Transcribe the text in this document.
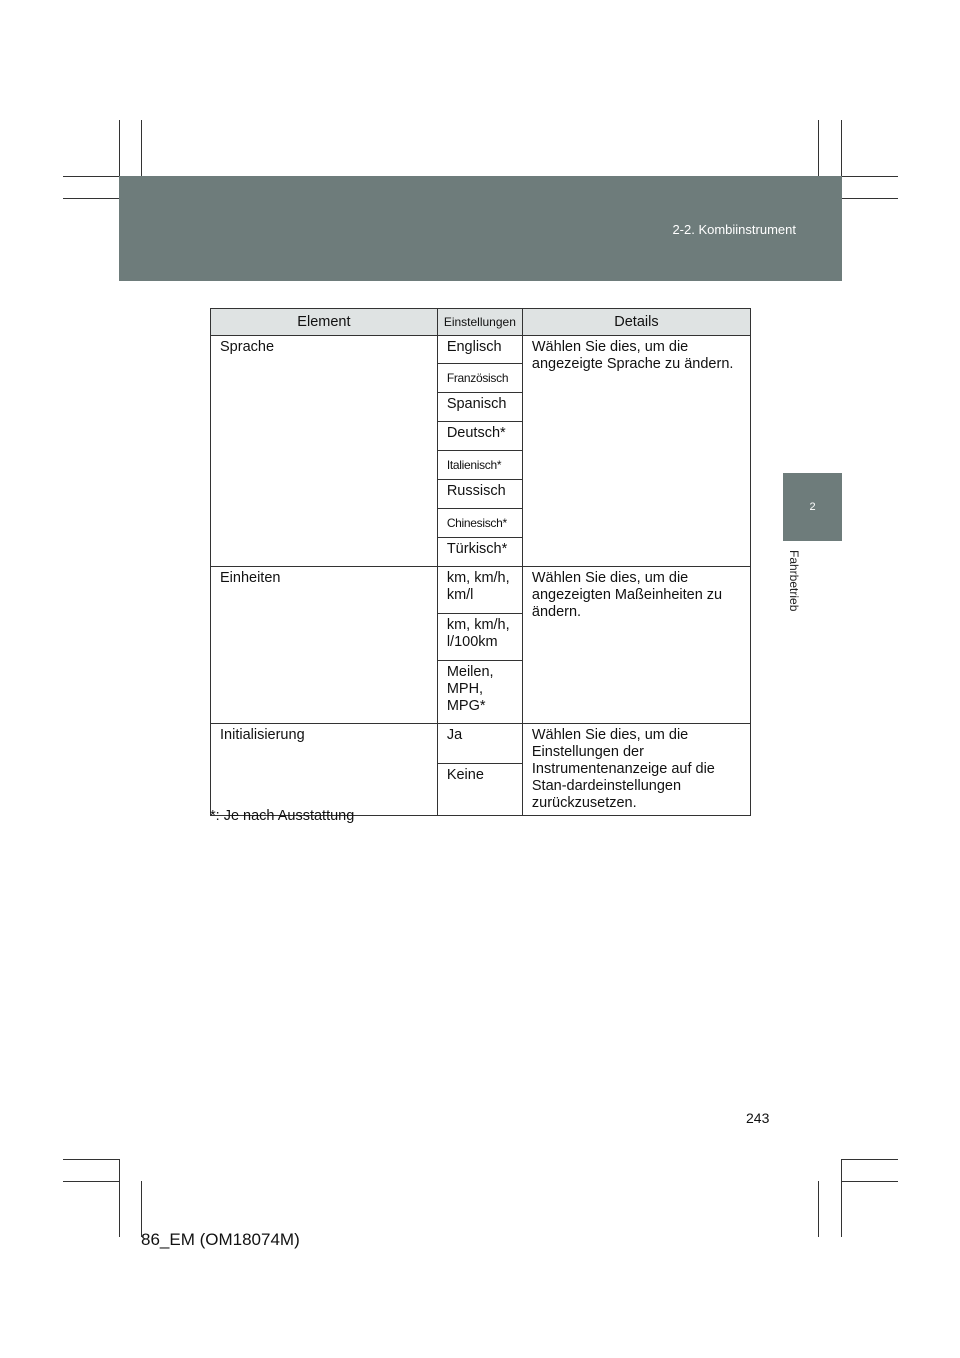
2-2. Kombiinstrument
2
Fahrbetrieb
Element	Einstellungen	Details
Sprache	Englisch	Wählen Sie dies, um die angezeigte Sprache zu ändern.
	Französisch	
	Spanisch	
	Deutsch*	
	Italienisch*	
	Russisch	
	Chinesisch*	
	Türkisch*	
Einheiten	km, km/h, km/l	Wählen Sie dies, um die angezeigten Maßeinheiten zu ändern.
	km, km/h, l/100km	
	Meilen, MPH, MPG*	
Initialisierung	Ja	Wählen Sie dies, um die Einstellungen der Instrumentenanzeige auf die Stan-dardeinstellungen zurückzusetzen.
	Keine	
*: Je nach Ausstattung
243
86_EM (OM18074M)
